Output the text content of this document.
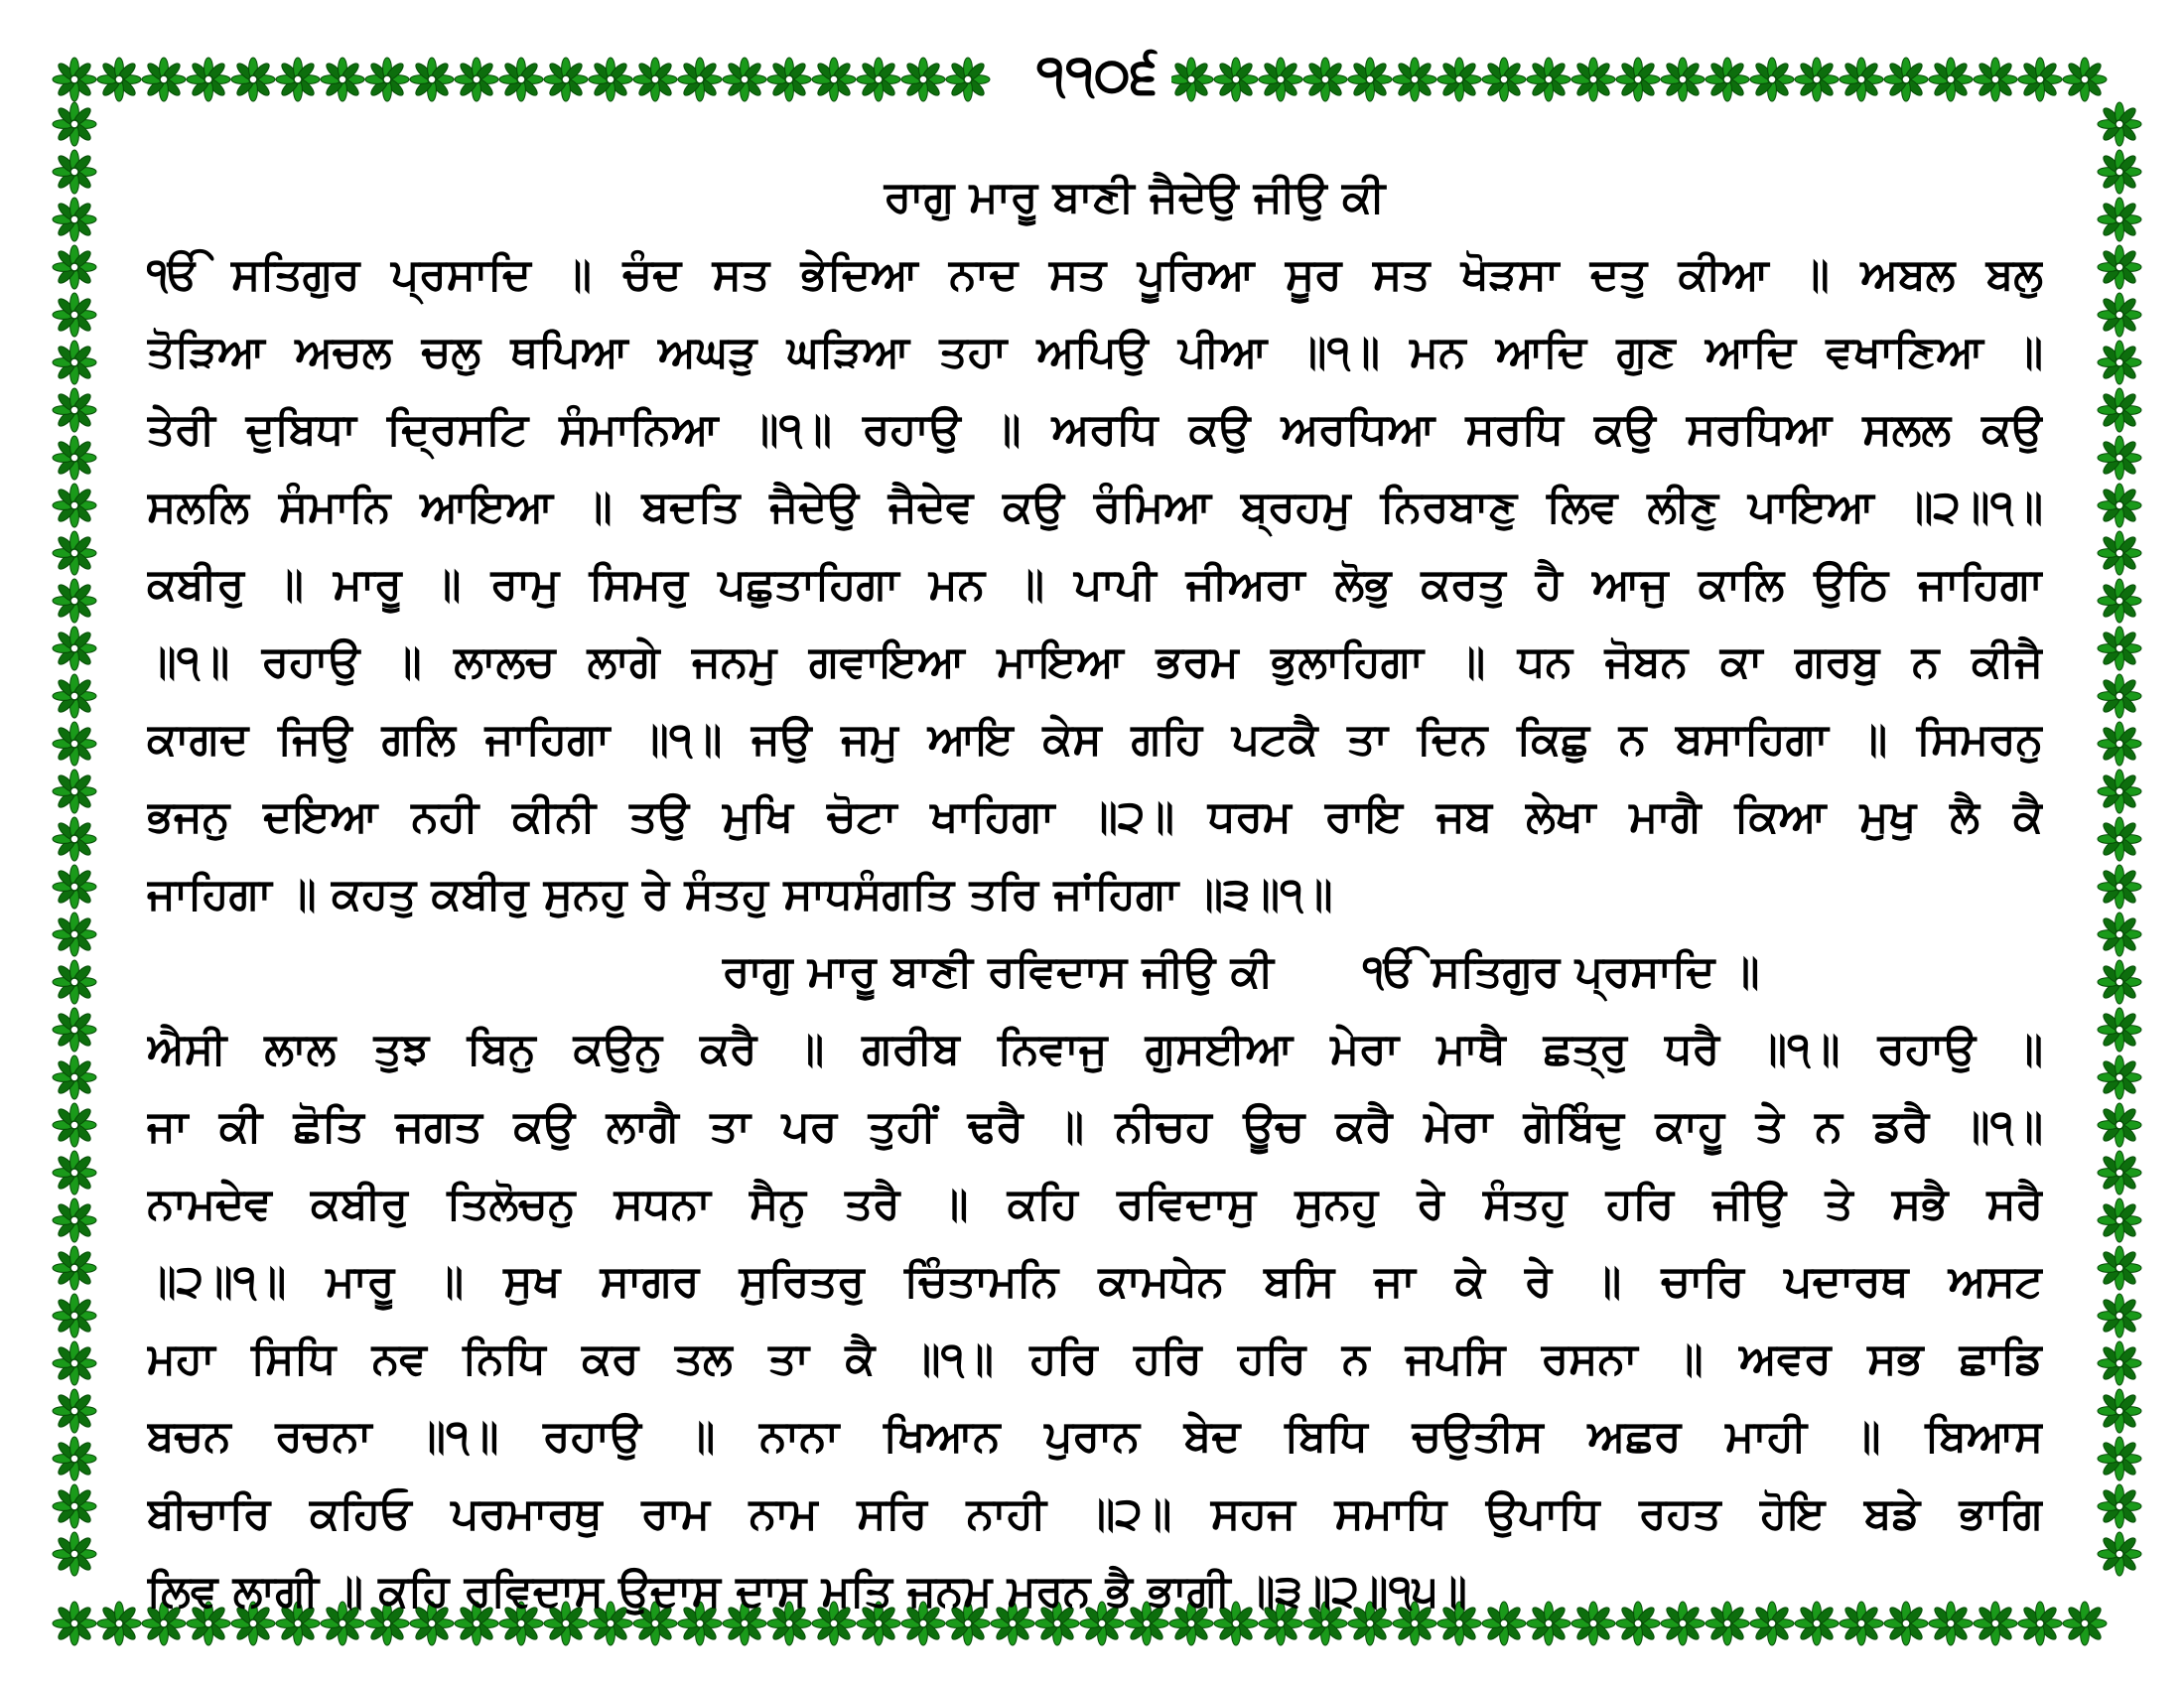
੧੧੦੬
ਰਾਗੁ ਮਾਰੂ ਬਾਣੀ ਜੈਦੇਉ ਜੀਉ ਕੀ
ੴ ਸਤਿਗੁਰ ਪ੍ਰਸਾਦਿ ॥ ਚੰਦ ਸਤ ਭੇਦਿਆ ਨਾਦ ਸਤ ਪੂਰਿਆ ਸੂਰ ਸਤ ਖੋੜਸਾ ਦਤੁ ਕੀਆ ॥ ਅਬਲ ਬਲੁ
ਤੋੜਿਆ ਅਚਲ ਚਲੁ ਥਪਿਆ ਅਘੜੁ ਘੜਿਆ ਤਹਾ ਅਪਿਉ ਪੀਆ ॥੧॥ ਮਨ ਆਦਿ ਗੁਣ ਆਦਿ ਵਖਾਣਿਆ ॥
ਤੇਰੀ ਦੁਬਿਧਾ ਦ੍ਰਿਸਟਿ ਸੰਮਾਨਿਆ ॥੧॥ ਰਹਾਉ ॥ ਅਰਧਿ ਕਉ ਅਰਧਿਆ ਸਰਧਿ ਕਉ ਸਰਧਿਆ ਸਲਲ ਕਉ
ਸਲਲਿ ਸੰਮਾਨਿ ਆਇਆ ॥ ਬਦਤਿ ਜੈਦੇਉ ਜੈਦੇਵ ਕਉ ਰੰਮਿਆ ਬ੍ਰਹਮੁ ਨਿਰਬਾਣੁ ਲਿਵ ਲੀਣੁ ਪਾਇਆ ॥੨॥੧॥
ਕਬੀਰੁ ॥ ਮਾਰੂ ॥ ਰਾਮੁ ਸਿਮਰੁ ਪਛੁਤਾਹਿਗਾ ਮਨ ॥ ਪਾਪੀ ਜੀਅਰਾ ਲੋਭੁ ਕਰਤੁ ਹੈ ਆਜੁ ਕਾਲਿ ਉਠਿ ਜਾਹਿਗਾ
॥੧॥ ਰਹਾਉ ॥ ਲਾਲਚ ਲਾਗੇ ਜਨਮੁ ਗਵਾਇਆ ਮਾਇਆ ਭਰਮ ਭੁਲਾਹਿਗਾ ॥ ਧਨ ਜੋਬਨ ਕਾ ਗਰਬੁ ਨ ਕੀਜੈ
ਕਾਗਦ ਜਿਉ ਗਲਿ ਜਾਹਿਗਾ ॥੧॥ ਜਉ ਜਮੁ ਆਇ ਕੇਸ ਗਹਿ ਪਟਕੈ ਤਾ ਦਿਨ ਕਿਛੁ ਨ ਬਸਾਹਿਗਾ ॥ ਸਿਮਰਨੁ
ਭਜਨੁ ਦਇਆ ਨਹੀ ਕੀਨੀ ਤਉ ਮੁਖਿ ਚੋਟਾ ਖਾਹਿਗਾ ॥੨॥ ਧਰਮ ਰਾਇ ਜਬ ਲੇਖਾ ਮਾਗੈ ਕਿਆ ਮੁਖੁ ਲੈ ਕੈ
ਜਾਹਿਗਾ ॥ ਕਹਤੁ ਕਬੀਰੁ ਸੁਨਹੁ ਰੇ ਸੰਤਹੁ ਸਾਧਸੰਗਤਿ ਤਰਿ ਜਾਂਹਿਗਾ ॥੩॥੧॥
ਰਾਗੁ ਮਾਰੂ ਬਾਣੀ ਰਵਿਦਾਸ ਜੀਉ ਕੀ ੴ ਸਤਿਗੁਰ ਪ੍ਰਸਾਦਿ ॥
ਐਸੀ ਲਾਲ ਤੁਝ ਬਿਨੁ ਕਉਨੁ ਕਰੈ ॥ ਗਰੀਬ ਨਿਵਾਜੁ ਗੁਸਈਆ ਮੇਰਾ ਮਾਥੈ ਛਤ੍ਰੁ ਧਰੈ ॥੧॥ ਰਹਾਉ ॥
ਜਾ ਕੀ ਛੋਤਿ ਜਗਤ ਕਉ ਲਾਗੈ ਤਾ ਪਰ ਤੁਹੀਂ ਢਰੈ ॥ ਨੀਚਹ ਊਚ ਕਰੈ ਮੇਰਾ ਗੋਬਿੰਦੁ ਕਾਹੂ ਤੇ ਨ ਡਰੈ ॥੧॥
ਨਾਮਦੇਵ ਕਬੀਰੁ ਤਿਲੋਚਨੁ ਸਧਨਾ ਸੈਨੁ ਤਰੈ ॥ ਕਹਿ ਰਵਿਦਾਸੁ ਸੁਨਹੁ ਰੇ ਸੰਤਹੁ ਹਰਿ ਜੀਉ ਤੇ ਸਭੈ ਸਰੈ
॥੨॥੧॥ ਮਾਰੂ ॥ ਸੁਖ ਸਾਗਰ ਸੁਰਿਤਰੁ ਚਿੰਤਾਮਨਿ ਕਾਮਧੇਨ ਬਸਿ ਜਾ ਕੇ ਰੇ ॥ ਚਾਰਿ ਪਦਾਰਥ ਅਸਟ
ਮਹਾ ਸਿਧਿ ਨਵ ਨਿਧਿ ਕਰ ਤਲ ਤਾ ਕੈ ॥੧॥ ਹਰਿ ਹਰਿ ਹਰਿ ਨ ਜਪਸਿ ਰਸਨਾ ॥ ਅਵਰ ਸਭ ਛਾਡਿ
ਬਚਨ ਰਚਨਾ ॥੧॥ ਰਹਾਉ ॥ ਨਾਨਾ ਖਿਆਨ ਪੁਰਾਨ ਬੇਦ ਬਿਧਿ ਚਉਤੀਸ ਅਛਰ ਮਾਹੀ ॥ ਬਿਆਸ
ਬੀਚਾਰਿ ਕਹਿਓ ਪਰਮਾਰਥੁ ਰਾਮ ਨਾਮ ਸਰਿ ਨਾਹੀ ॥੨॥ ਸਹਜ ਸਮਾਧਿ ਉਪਾਧਿ ਰਹਤ ਹੋਇ ਬਡੇ ਭਾਗਿ
ਲਿਵ ਲਾਗੀ ॥ ਕਹਿ ਰਵਿਦਾਸ ਉਦਾਸ ਦਾਸ ਮਤਿ ਜਨਮ ਮਰਨ ਭੈ ਭਾਗੀ ॥੩॥੨॥੧੫॥
